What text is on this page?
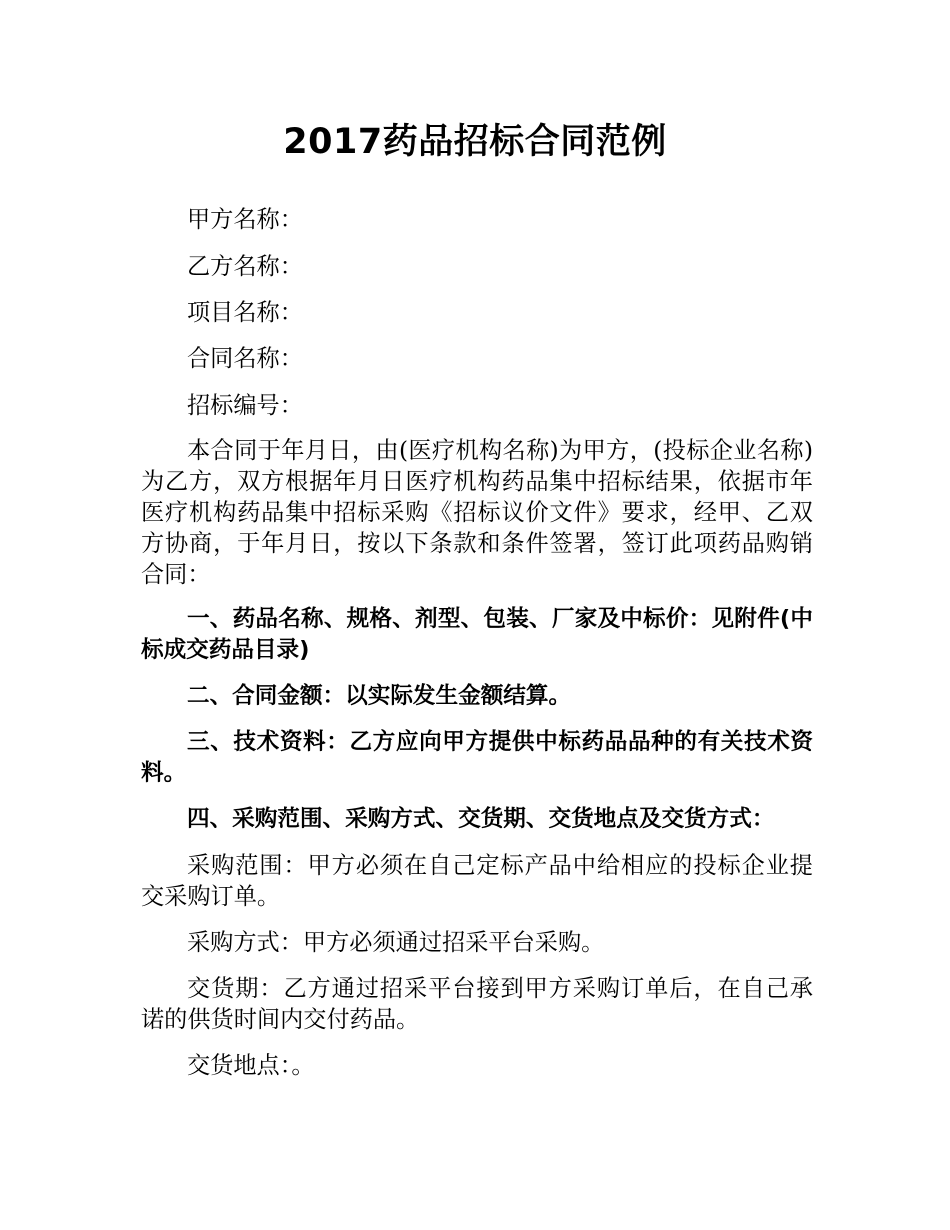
2017药品招标合同范例

甲方名称：

乙方名称：

项目名称：

合同名称：

招标编号：

本合同于年月日，由(医疗机构名称)为甲方，(投标企业名称)为乙方，双方根据年月日医疗机构药品集中招标结果，依据市年医疗机构药品集中招标采购《招标议价文件》要求，经甲、乙双方协商，于年月日，按以下条款和条件签署，签订此项药品购销合同：

一、药品名称、规格、剂型、包装、厂家及中标价：见附件(中标成交药品目录)

二、合同金额：以实际发生金额结算。

三、技术资料：乙方应向甲方提供中标药品品种的有关技术资料。

四、采购范围、采购方式、交货期、交货地点及交货方式：

采购范围：甲方必须在自己定标产品中给相应的投标企业提交采购订单。

采购方式：甲方必须通过招采平台采购。

交货期：乙方通过招采平台接到甲方采购订单后，在自己承诺的供货时间内交付药品。

交货地点：。
